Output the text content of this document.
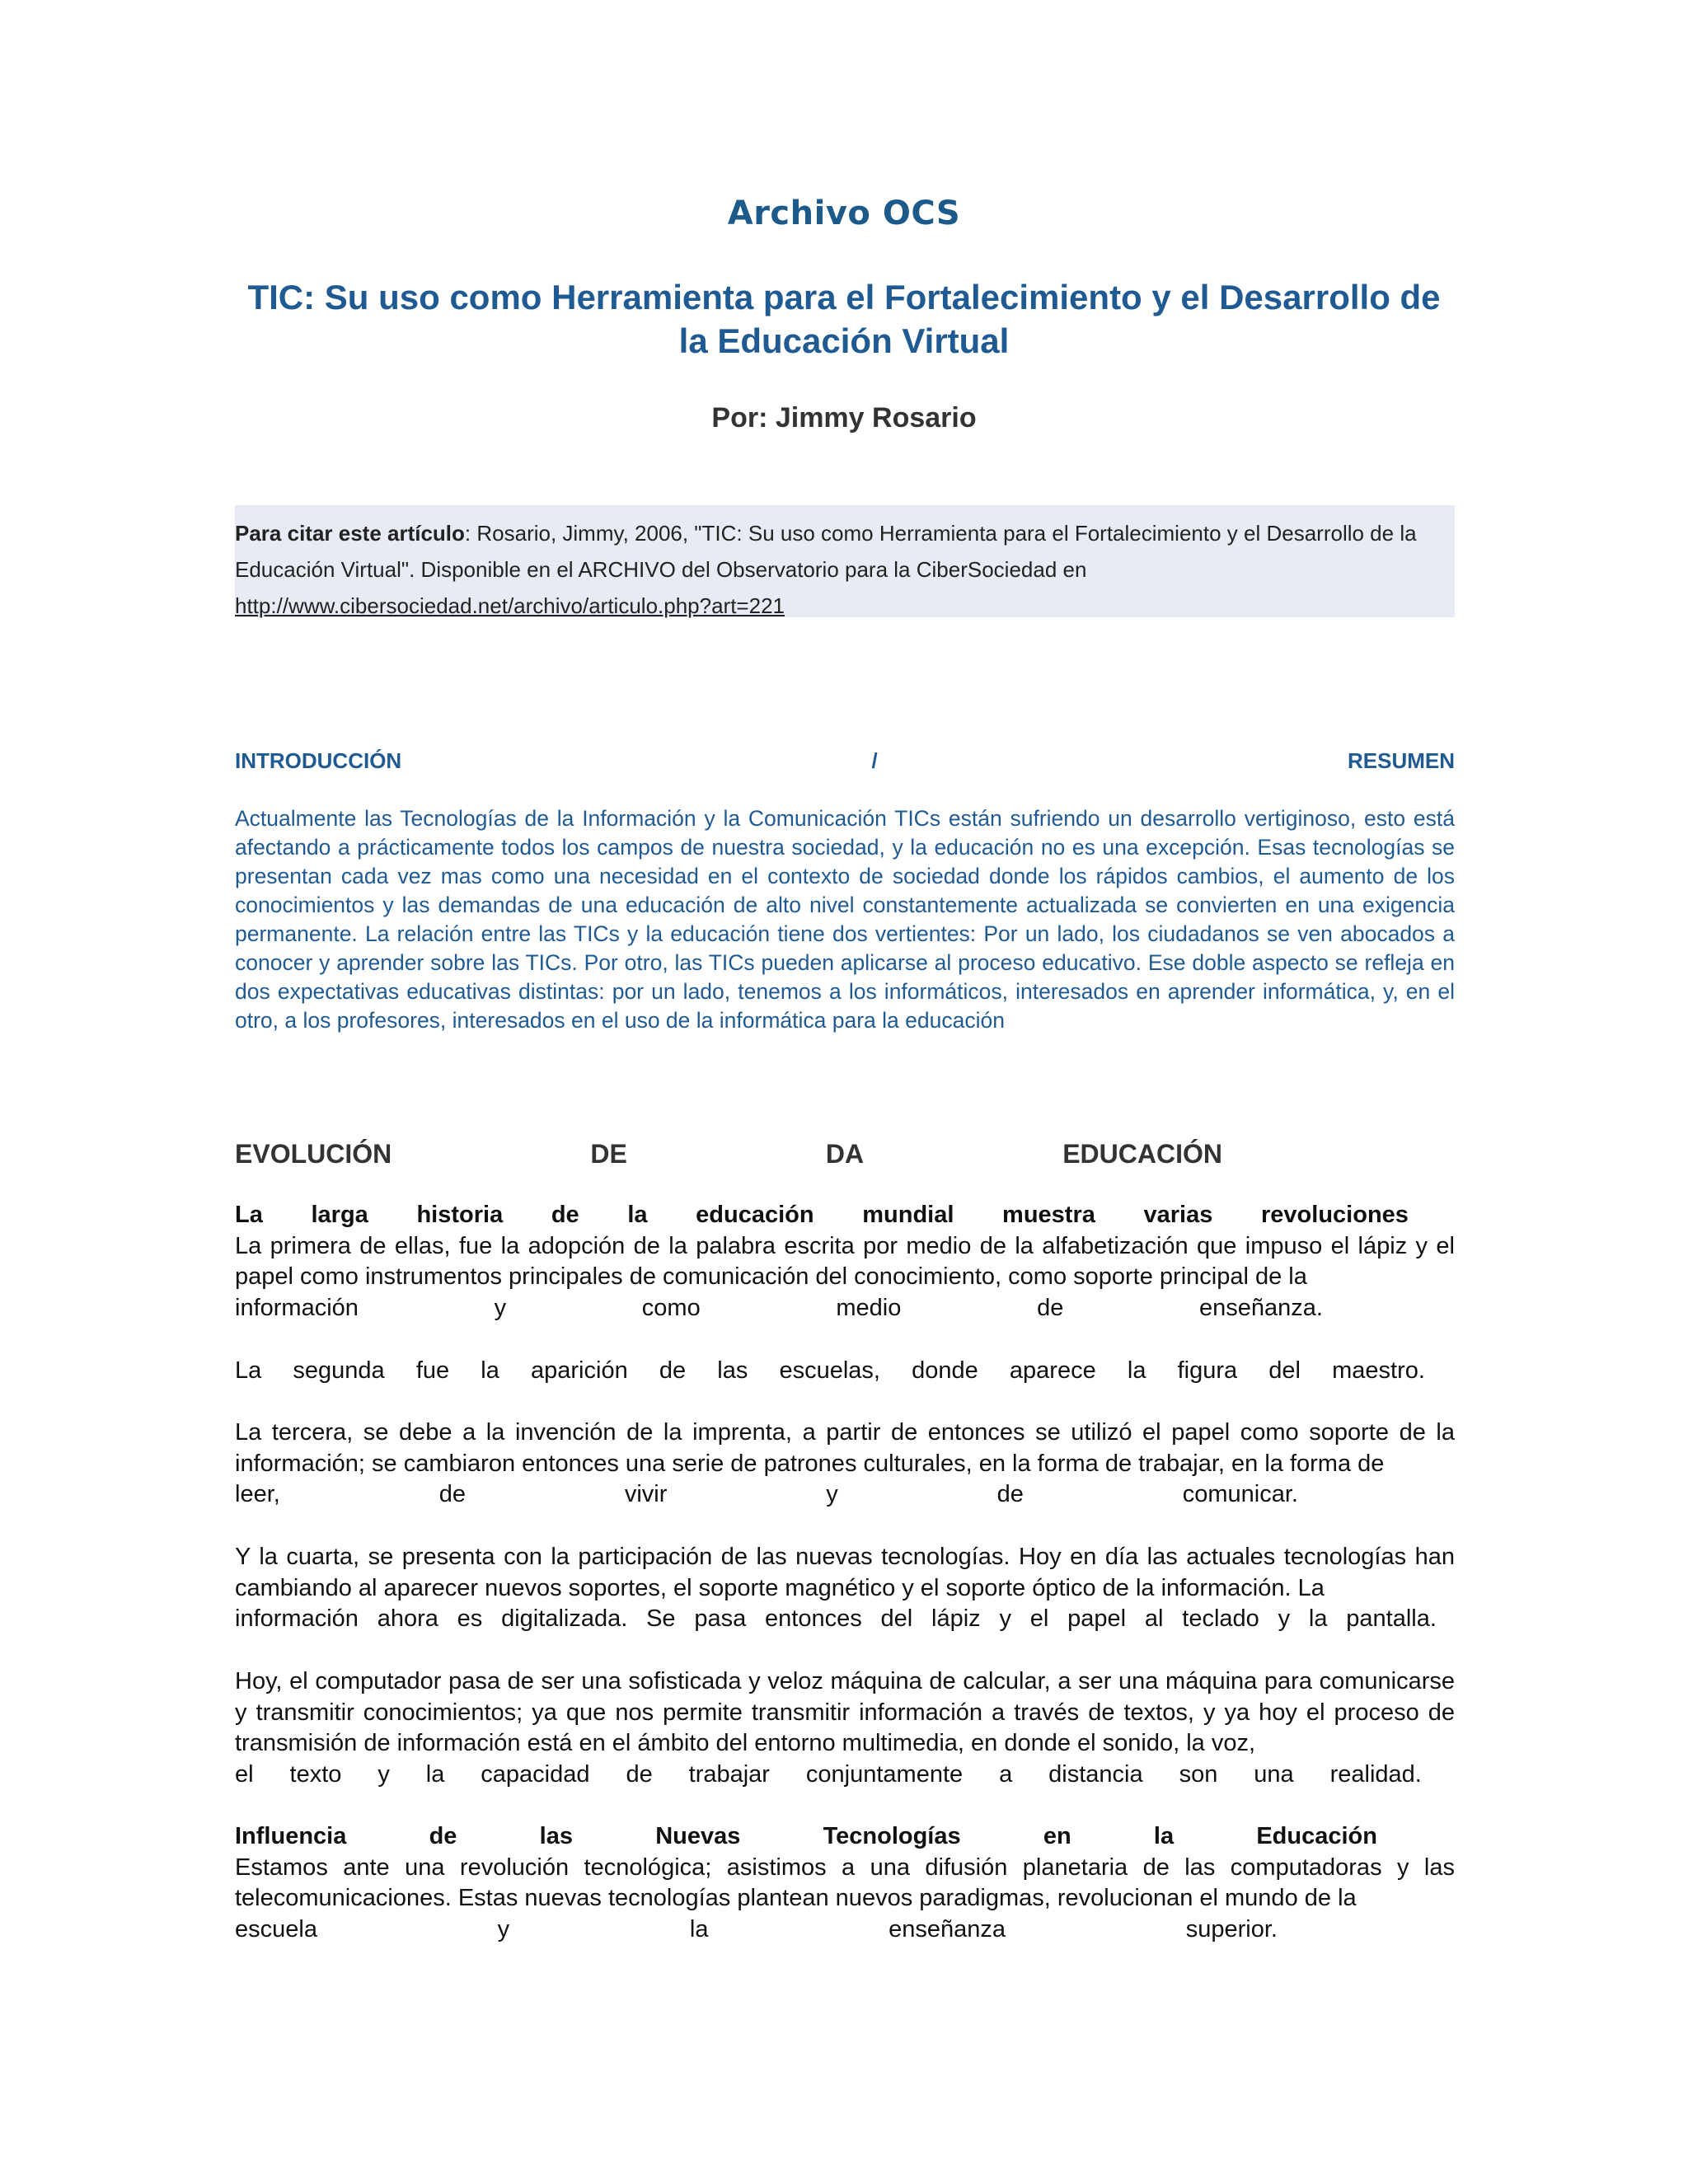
Archivo OCS
TIC: Su uso como Herramienta para el Fortalecimiento y el Desarrollo de la Educación Virtual
Por: Jimmy Rosario
Para citar este artículo: Rosario, Jimmy, 2006, "TIC: Su uso como Herramienta para el Fortalecimiento y el Desarrollo de la Educación Virtual". Disponible en el ARCHIVO del Observatorio para la CiberSociedad en http://www.cibersociedad.net/archivo/articulo.php?art=221
INTRODUCCIÓN	/	RESUMEN
Actualmente las Tecnologías de la Información y la Comunicación TICs están sufriendo un desarrollo vertiginoso, esto está afectando a prácticamente todos los campos de nuestra sociedad, y la educación no es una excepción. Esas tecnologías se presentan cada vez mas como una necesidad en el contexto de sociedad donde los rápidos cambios, el aumento de los conocimientos y las demandas de una educación de alto nivel constantemente actualizada se convierten en una exigencia permanente. La relación entre las TICs y la educación tiene dos vertientes: Por un lado, los ciudadanos se ven abocados a conocer y aprender sobre las TICs. Por otro, las TICs pueden aplicarse al proceso educativo. Ese doble aspecto se refleja en dos expectativas educativas distintas: por un lado, tenemos a los informáticos, interesados en aprender informática, y, en el otro, a los profesores, interesados en el uso de la informática para la educación
EVOLUCIÓN	DE	DA	EDUCACIÓN
La larga historia de la educación mundial muestra varias revoluciones
La primera de ellas, fue la adopción de la palabra escrita por medio de la alfabetización que impuso el lápiz y el papel como instrumentos principales de comunicación del conocimiento, como soporte principal de la
información	y	como	medio	de	enseñanza.
La segunda fue la aparición de las escuelas, donde aparece la figura del maestro.
La tercera, se debe a la invención de la imprenta, a partir de entonces se utilizó el papel como soporte de la información; se cambiaron entonces una serie de patrones culturales, en la forma de trabajar, en la forma de
leer,	de	vivir	y	de	comunicar.
Y la cuarta, se presenta con la participación de las nuevas tecnologías. Hoy en día las actuales tecnologías han cambiando al aparecer nuevos soportes, el soporte magnético y el soporte óptico de la información. La
información ahora es digitalizada. Se pasa entonces del lápiz y el papel al teclado y la pantalla.
Hoy, el computador pasa de ser una sofisticada y veloz máquina de calcular, a ser una máquina para comunicarse y transmitir conocimientos; ya que nos permite transmitir información a través de textos, y ya hoy el proceso de transmisión de información está en el ámbito del entorno multimedia, en donde el sonido, la voz,
el texto y la capacidad de trabajar conjuntamente a distancia son una realidad.
Influencia	de	las	Nuevas	Tecnologías	en	la	Educación
Estamos ante una revolución tecnológica; asistimos a una difusión planetaria de las computadoras y las telecomunicaciones. Estas nuevas tecnologías plantean nuevos paradigmas, revolucionan el mundo de la
escuela	y	la	enseñanza	superior.
